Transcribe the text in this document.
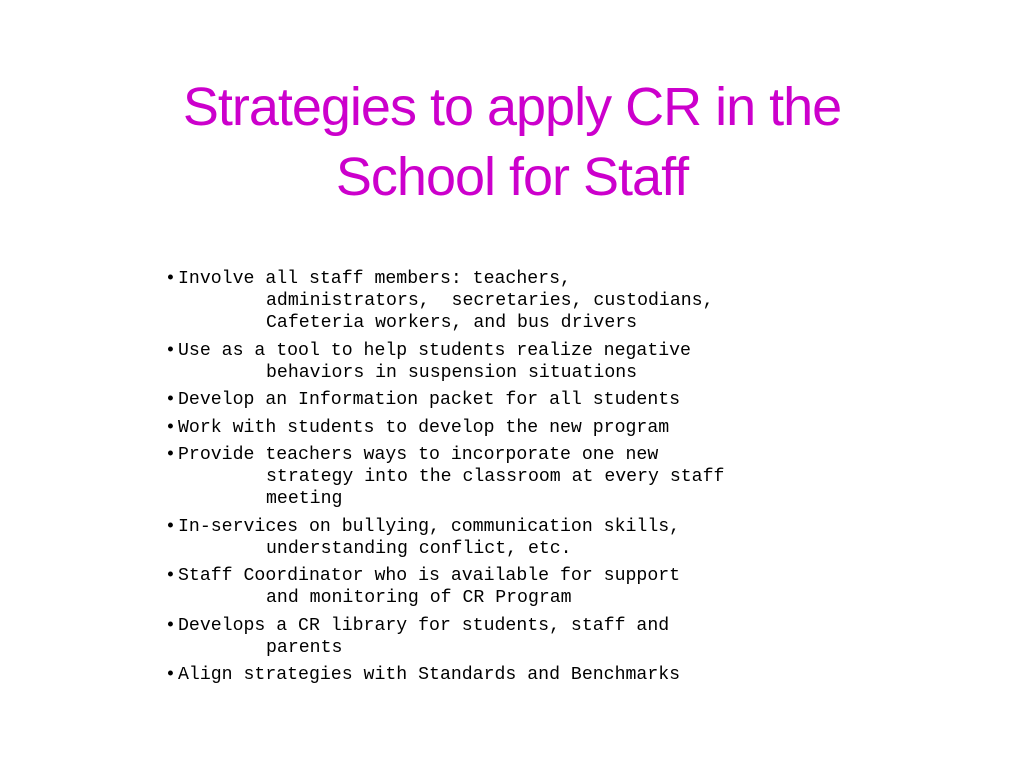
Strategies to apply CR in the
School for Staff
• Involve all staff members: teachers,
administrators,  secretaries, custodians,
Cafeteria workers, and bus drivers
• Use as a tool to help students realize negative
behaviors in suspension situations
• Develop an Information packet for all students
• Work with students to develop the new program
• Provide teachers ways to incorporate one new
strategy into the classroom at every staff
meeting
• In-services on bullying, communication skills,
understanding conflict, etc.
• Staff Coordinator who is available for support
and monitoring of CR Program
• Develops a CR library for students, staff and
parents
• Align strategies with Standards and Benchmarks
